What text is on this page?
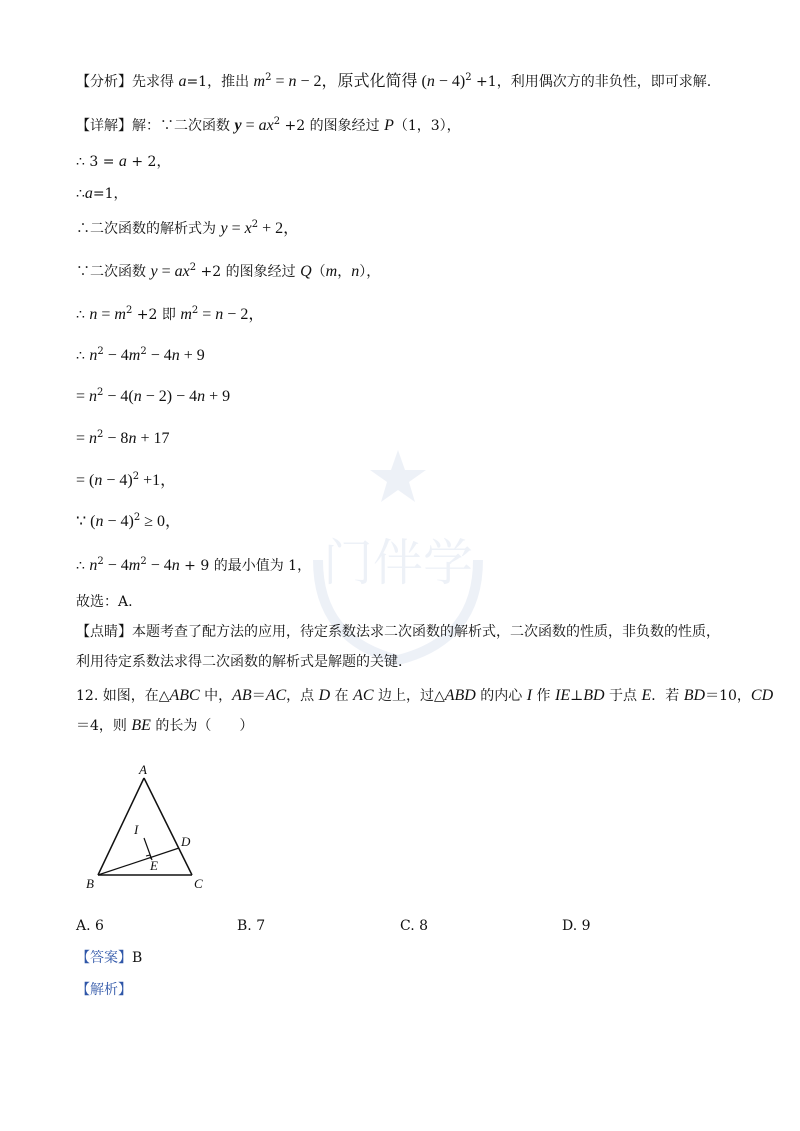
门伴学
【分析】先求得 a=1，推出 $m^2 = n - 2$，原式化简得 $(n - 4)^2 +1$，利用偶次方的非负性，即可求解.
【详解】解：∵二次函数 $y = ax^2 +2$ 的图象经过 P（1，3），
∴ 3 = a + 2，
∴a=1，
∴二次函数的解析式为 $y = x^2 + 2$，
∵二次函数 $y = ax^2 +2$ 的图象经过 Q（m，n），
∴ $n = m^2 +2$ 即 $m^2 = n - 2$，
∴ $n^2 - 4m^2 - 4n + 9$
= $n^2 - 4(n - 2) - 4n + 9$
= $n^2 - 8n + 17$
= $(n - 4)^2 +1$，
∵ $(n - 4)^2 \ge 0$，
∴ $n^2 - 4m^2 - 4n + 9$ 的最小值为 1，
故选：A.
【点睛】本题考查了配方法的应用，待定系数法求二次函数的解析式，二次函数的性质，非负数的性质，
利用待定系数法求得二次函数的解析式是解题的关键.
12. 如图，在△ABC 中，AB＝AC，点 D 在 AC 边上，过△ABD 的内心 I 作 IE⊥BD 于点 E．若 BD＝10，CD
＝4，则 BE 的长为（　　）
A
B	C
D
I
E
A. 6	B. 7	C. 8	D. 9
【答案】B
【解析】
